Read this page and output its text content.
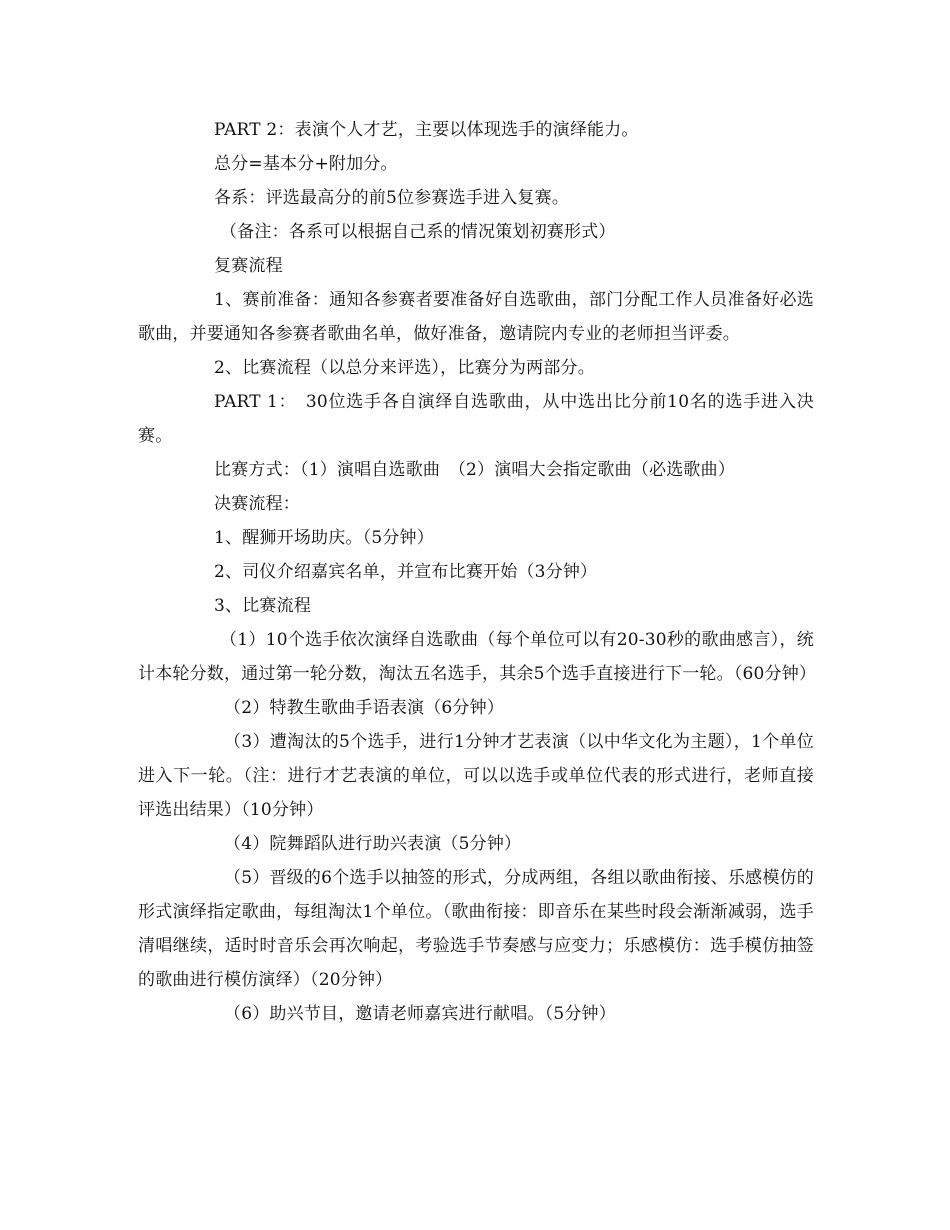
PART 2：表演个人才艺，主要以体现选手的演绎能力。

总分=基本分+附加分。

各系：评选最高分的前5位参赛选手进入复赛。

（备注：各系可以根据自己系的情况策划初赛形式）

复赛流程

1、赛前准备：通知各参赛者要准备好自选歌曲，部门分配工作人员准备好必选歌曲，并要通知各参赛者歌曲名单，做好准备，邀请院内专业的老师担当评委。

2、比赛流程（以总分来评选），比赛分为两部分。

PART 1：　30位选手各自演绎自选歌曲，从中选出比分前10名的选手进入决赛。

比赛方式：（1）演唱自选歌曲　（2）演唱大会指定歌曲（必选歌曲）

决赛流程：

1、醒狮开场助庆。（5分钟）

2、司仪介绍嘉宾名单，并宣布比赛开始（3分钟）

3、比赛流程

（1）10个选手依次演绎自选歌曲（每个单位可以有20-30秒的歌曲感言），统计本轮分数，通过第一轮分数，淘汰五名选手，其余5个选手直接进行下一轮。（60分钟）

（2）特教生歌曲手语表演（6分钟）

（3）遭淘汰的5个选手，进行1分钟才艺表演（以中华文化为主题），1个单位进入下一轮。（注：进行才艺表演的单位，可以以选手或单位代表的形式进行，老师直接评选出结果）（10分钟）

（4）院舞蹈队进行助兴表演（5分钟）

（5）晋级的6个选手以抽签的形式，分成两组，各组以歌曲衔接、乐感模仿的形式演绎指定歌曲，每组淘汰1个单位。（歌曲衔接：即音乐在某些时段会渐渐减弱，选手清唱继续，适时时音乐会再次响起，考验选手节奏感与应变力；乐感模仿：选手模仿抽签的歌曲进行模仿演绎）（20分钟）

（6）助兴节目，邀请老师嘉宾进行献唱。（5分钟）
